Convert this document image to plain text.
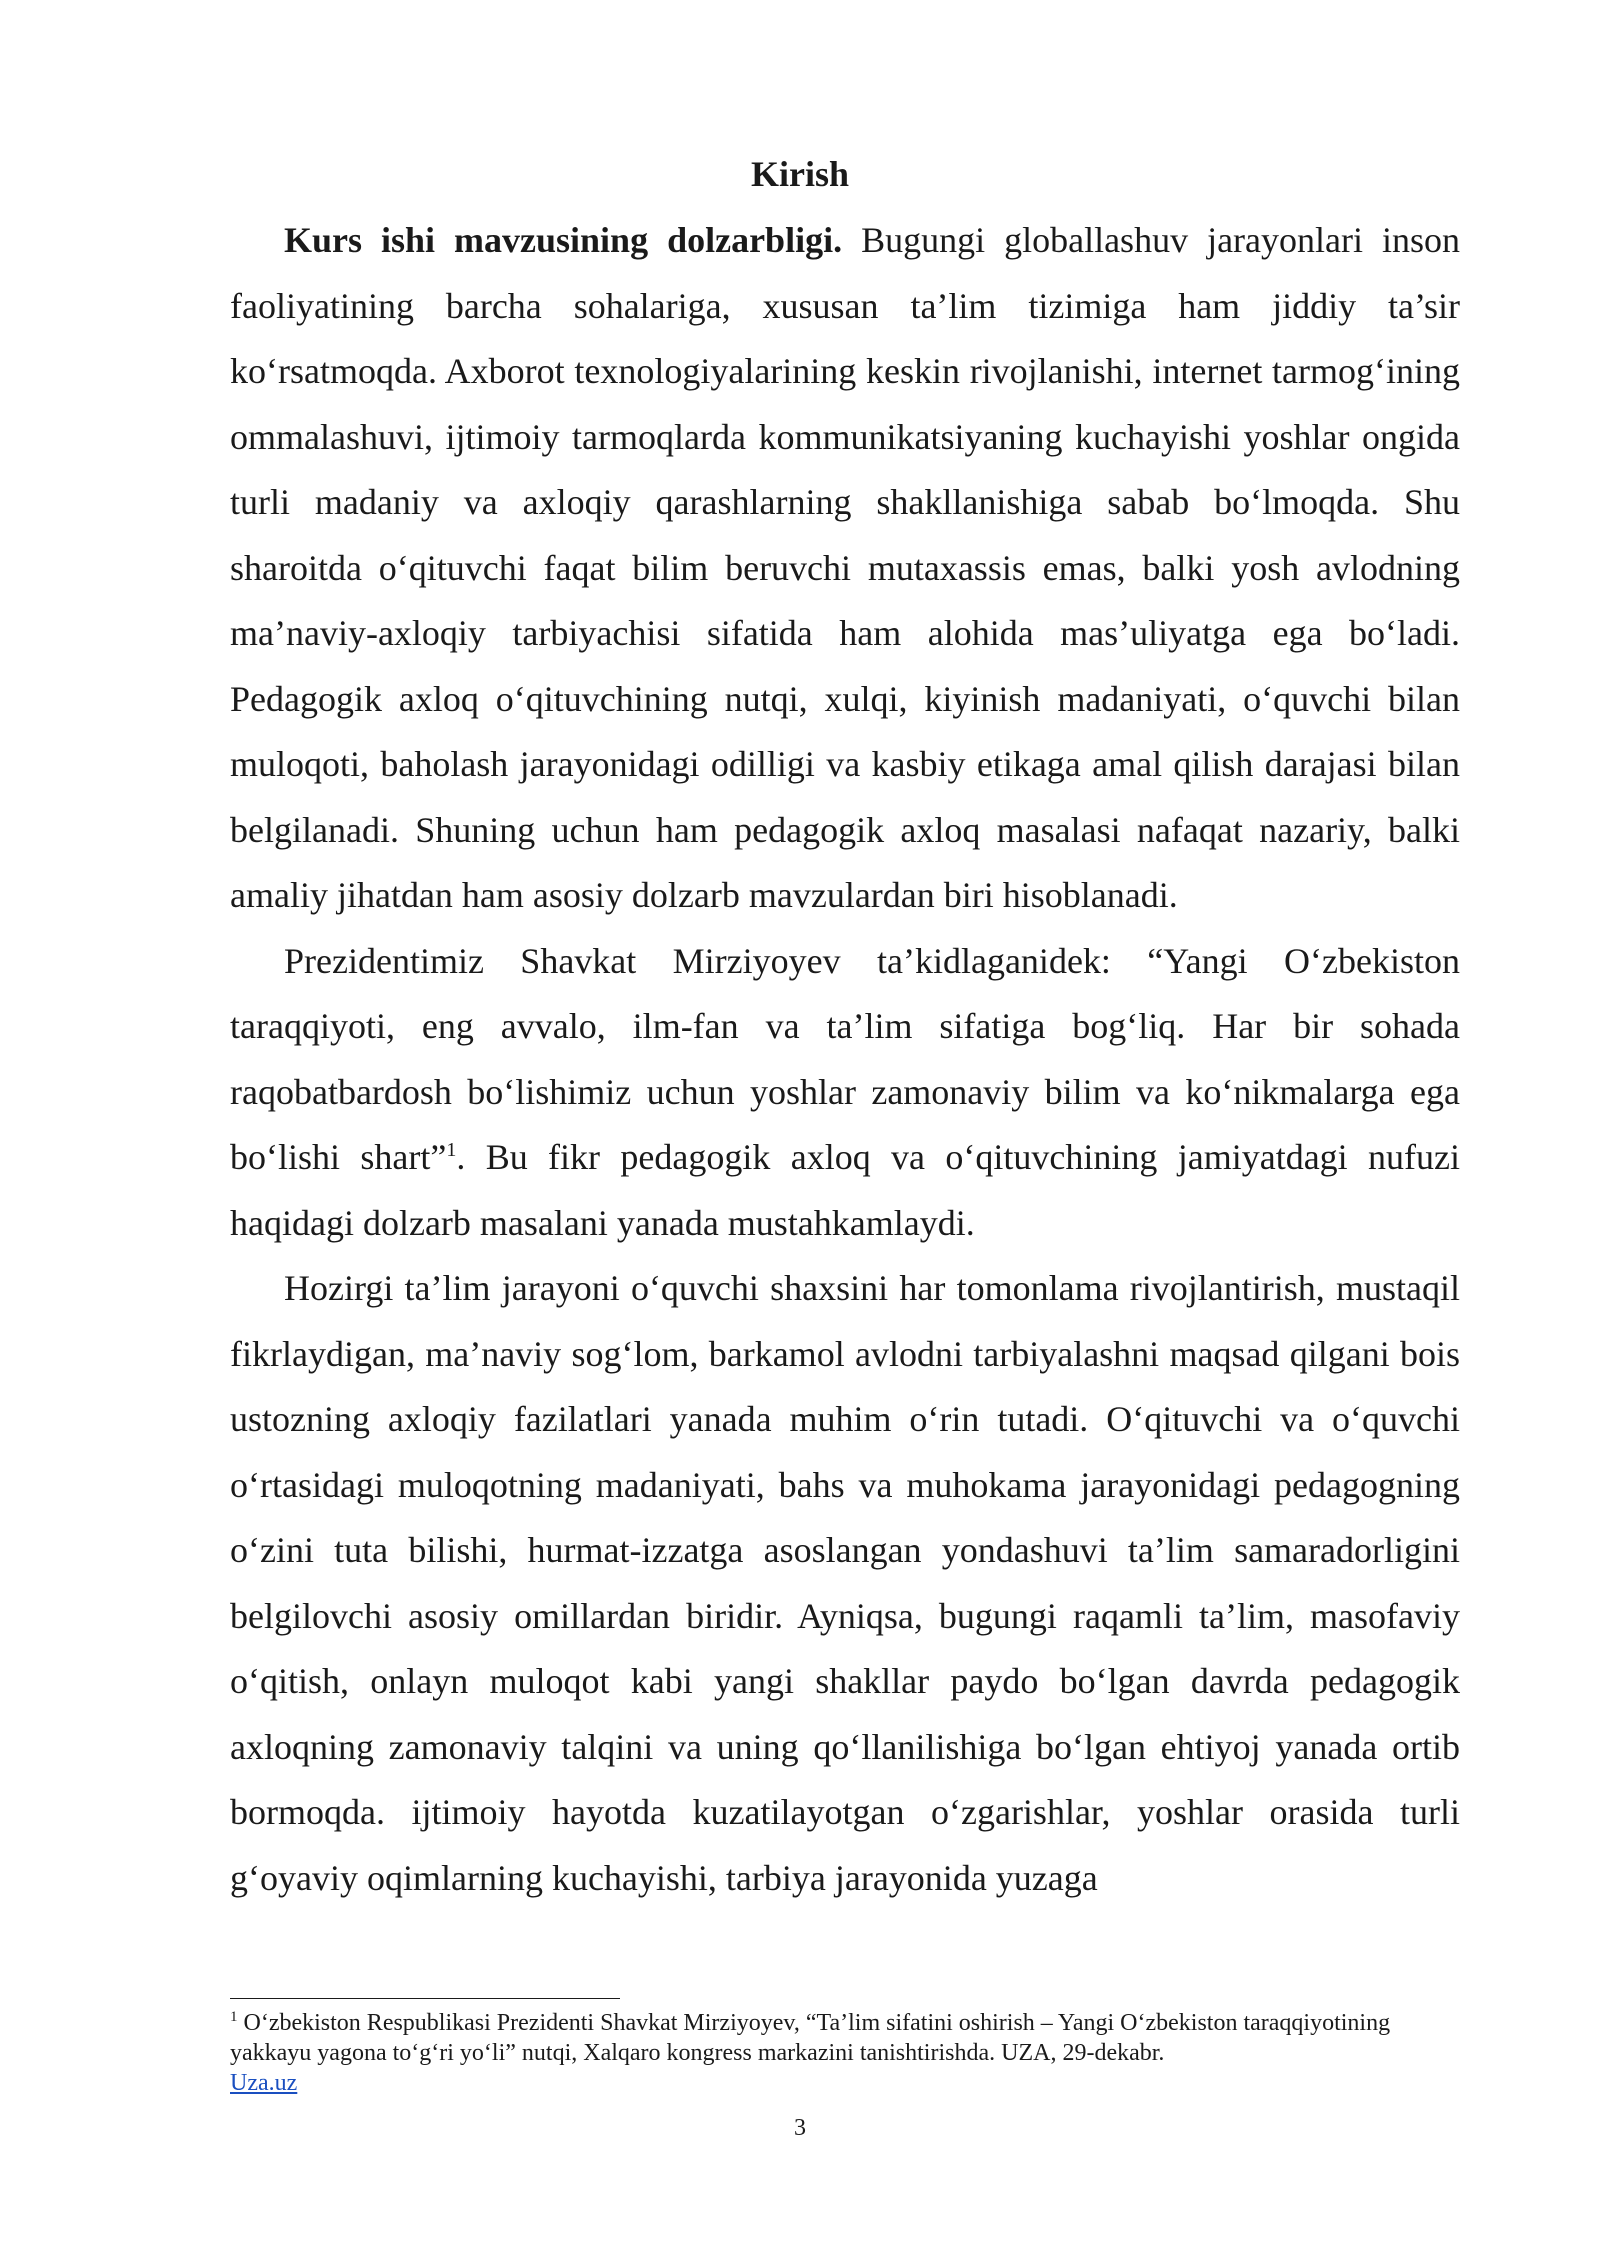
Kirish

Kurs ishi mavzusining dolzarbligi. Bugungi globallashuv jarayonlari inson faoliyatining barcha sohalariga, xususan ta’lim tizimiga ham jiddiy ta’sir ko‘rsatmoqda. Axborot texnologiyalarining keskin rivojlanishi, internet tarmog‘ining ommalashuvi, ijtimoiy tarmoqlarda kommunikatsiyaning kuchayishi yoshlar ongida turli madaniy va axloqiy qarashlarning shakllanishiga sabab bo‘lmoqda. Shu sharoitda o‘qituvchi faqat bilim beruvchi mutaxassis emas, balki yosh avlodning ma’naviy-axloqiy tarbiyachisi sifatida ham alohida mas’uliyatga ega bo‘ladi. Pedagogik axloq o‘qituvchining nutqi, xulqi, kiyinish madaniyati, o‘quvchi bilan muloqoti, baholash jarayonidagi odilligi va kasbiy etikaga amal qilish darajasi bilan belgilanadi. Shuning uchun ham pedagogik axloq masalasi nafaqat nazariy, balki amaliy jihatdan ham asosiy dolzarb mavzulardan biri hisoblanadi.

Prezidentimiz Shavkat Mirziyoyev ta’kidlaganidek: “Yangi O‘zbekiston taraqqiyoti, eng avvalo, ilm-fan va ta’lim sifatiga bog‘liq. Har bir sohada raqobatbardosh bo‘lishimiz uchun yoshlar zamonaviy bilim va ko‘nikmalarga ega bo‘lishi shart”$^1$. Bu fikr pedagogik axloq va o‘qituvchining jamiyatdagi nufuzi haqidagi dolzarb masalani yanada mustahkamlaydi.

Hozirgi ta’lim jarayoni o‘quvchi shaxsini har tomonlama rivojlantirish, mustaqil fikrlaydigan, ma’naviy sog‘lom, barkamol avlodni tarbiyalashni maqsad qilgani bois ustozning axloqiy fazilatlari yanada muhim o‘rin tutadi. O‘qituvchi va o‘quvchi o‘rtasidagi muloqotning madaniyati, bahs va muhokama jarayonidagi pedagogning o‘zini tuta bilishi, hurmat-izzatga asoslangan yondashuvi ta’lim samaradorligini belgilovchi asosiy omillardan biridir. Ayniqsa, bugungi raqamli ta’lim, masofaviy o‘qitish, onlayn muloqot kabi yangi shakllar paydo bo‘lgan davrda pedagogik axloqning zamonaviy talqini va uning qo‘llanilishiga bo‘lgan ehtiyoj yanada ortib bormoqda. ijtimoiy hayotda kuzatilayotgan o‘zgarishlar, yoshlar orasida turli g‘oyaviy oqimlarning kuchayishi, tarbiya jarayonida yuzaga

$^1$ O‘zbekiston Respublikasi Prezidenti Shavkat Mirziyoyev, “Ta’lim sifatini oshirish – Yangi O‘zbekiston taraqqiyotining yakkayu yagona to‘g‘ri yo‘li” nutqi, Xalqaro kongress markazini tanishtirishda. UZA, 29-dekabr.
Uza.uz
3
